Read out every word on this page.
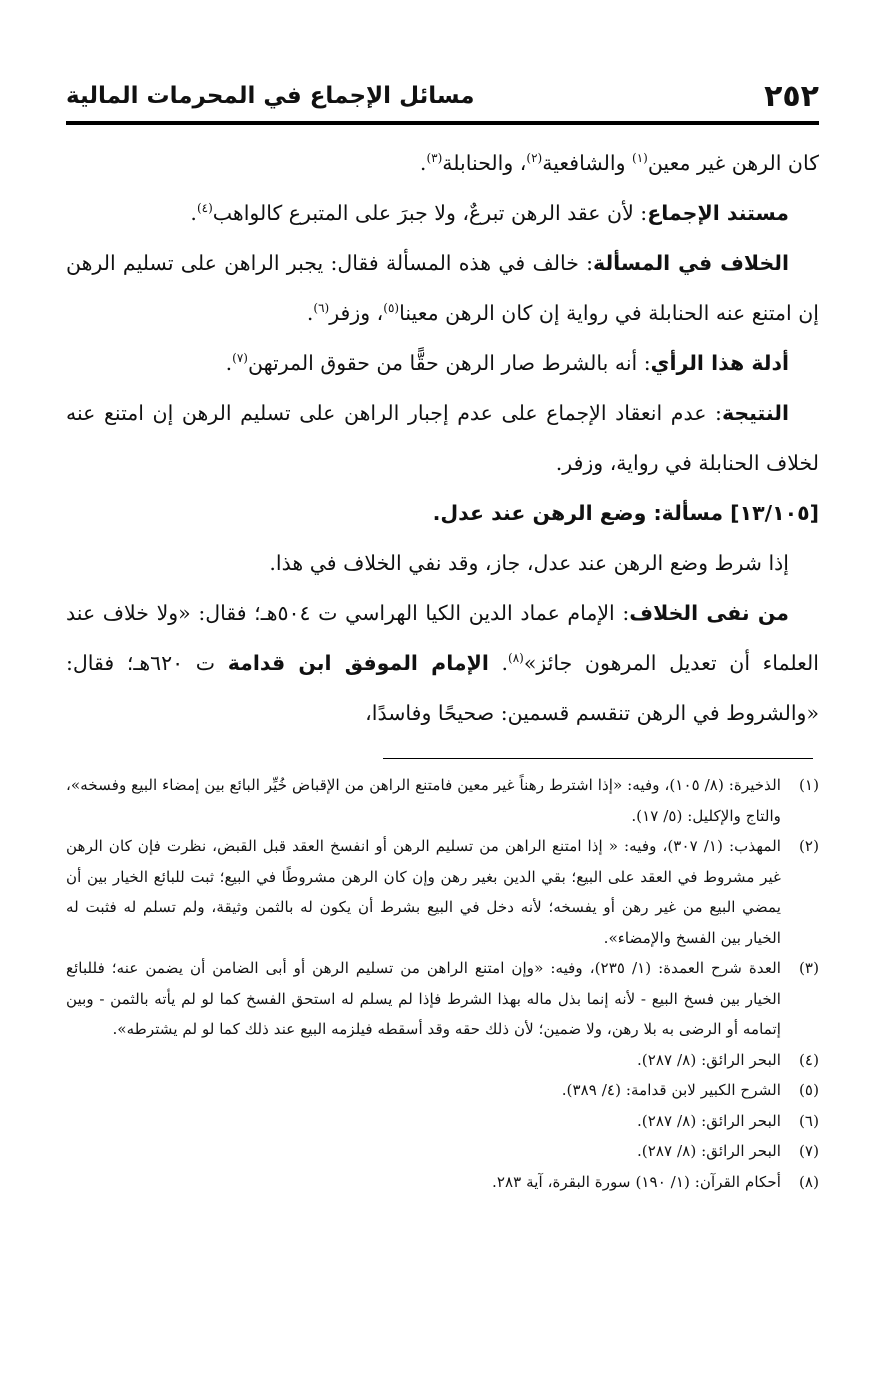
٢٥٢
مسائل الإجماع في المحرمات المالية

كان الرهن غير معين$^{(١)}$ والشافعية$^{(٢)}$، والحنابلة$^{(٣)}$.

مستند الإجماع: لأن عقد الرهن تبرعٌ، ولا جبرَ على المتبرع كالواهب$^{(٤)}$.

الخلاف في المسألة: خالف في هذه المسألة فقال: يجبر الراهن على تسليم الرهن إن امتنع عنه الحنابلة في رواية إن كان الرهن معينا$^{(٥)}$، وزفر$^{(٦)}$.

أدلة هذا الرأي: أنه بالشرط صار الرهن حقًّا من حقوق المرتهن$^{(٧)}$.

النتيجة: عدم انعقاد الإجماع على عدم إجبار الراهن على تسليم الرهن إن امتنع عنه لخلاف الحنابلة في رواية، وزفر.

[١٣/١٠٥] مسألة: وضع الرهن عند عدل.

إذا شرط وضع الرهن عند عدل، جاز، وقد نفي الخلاف في هذا.

من نفى الخلاف: الإمام عماد الدين الكيا الهراسي ت ٥٠٤هـ؛ فقال: «ولا خلاف عند العلماء أن تعديل المرهون جائز»$^{(٨)}$. الإمام الموفق ابن قدامة ت ٦٢٠هـ؛ فقال: «والشروط في الرهن تنقسم قسمين: صحيحًا وفاسدًا،

(١)
الذخيرة: (٨/ ١٠٥)، وفيه: «إذا اشترط رهناً غير معين فامتنع الراهن من الإقباض خُيِّر البائع بين إمضاء البيع وفسخه»، والتاج والإكليل: (٥/ ١٧).

(٢)
المهذب: (١/ ٣٠٧)، وفيه: « إذا امتنع الراهن من تسليم الرهن أو انفسخ العقد قبل القبض، نظرت فإن كان الرهن غير مشروط في العقد على البيع؛ بقي الدين بغير رهن وإن كان الرهن مشروطًا في البيع؛ ثبت للبائع الخيار بين أن يمضي البيع من غير رهن أو يفسخه؛ لأنه دخل في البيع بشرط أن يكون له بالثمن وثيقة، ولم تسلم له فثبت له الخيار بين الفسخ والإمضاء».

(٣)
العدة شرح العمدة: (١/ ٢٣٥)، وفيه: «وإن امتنع الراهن من تسليم الرهن أو أبى الضامن أن يضمن عنه؛ فللبائع الخيار بين فسخ البيع - لأنه إنما بذل ماله بهذا الشرط فإذا لم يسلم له استحق الفسخ كما لو لم يأته بالثمن - وبين إتمامه أو الرضى به بلا رهن، ولا ضمين؛ لأن ذلك حقه وقد أسقطه فيلزمه البيع عند ذلك كما لو لم يشترطه».

(٤)
البحر الرائق: (٨/ ٢٨٧).

(٥)
الشرح الكبير لابن قدامة: (٤/ ٣٨٩).

(٦)
البحر الرائق: (٨/ ٢٨٧).

(٧)
البحر الرائق: (٨/ ٢٨٧).

(٨)
أحكام القرآن: (١/ ١٩٠) سورة البقرة، آية ٢٨٣.
